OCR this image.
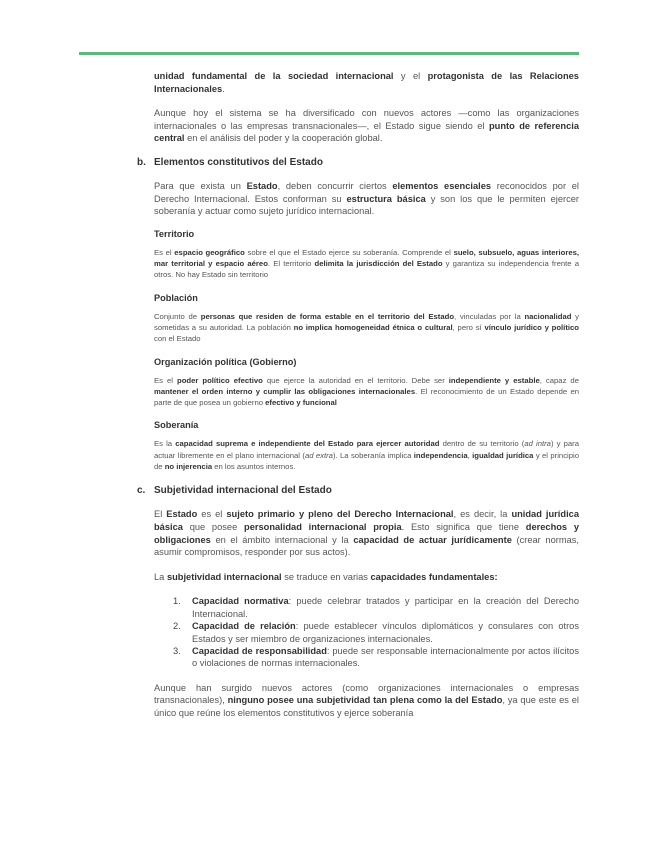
unidad fundamental de la sociedad internacional y el protagonista de las Relaciones Internacionales.

Aunque hoy el sistema se ha diversificado con nuevos actores —como las organizaciones internacionales o las empresas transnacionales—, el Estado sigue siendo el punto de referencia central en el análisis del poder y la cooperación global.

b. Elementos constitutivos del Estado

Para que exista un Estado, deben concurrir ciertos elementos esenciales reconocidos por el Derecho Internacional. Estos conforman su estructura básica y son los que le permiten ejercer soberanía y actuar como sujeto jurídico internacional.

Territorio

Es el espacio geográfico sobre el que el Estado ejerce su soberanía. Comprende el suelo, subsuelo, aguas interiores, mar territorial y espacio aéreo. El territorio delimita la jurisdicción del Estado y garantiza su independencia frente a otros. No hay Estado sin territorio

Población

Conjunto de personas que residen de forma estable en el territorio del Estado, vinculadas por la nacionalidad y sometidas a su autoridad. La población no implica homogeneidad étnica o cultural, pero sí vínculo jurídico y político con el Estado

Organización política (Gobierno)

Es el poder político efectivo que ejerce la autoridad en el territorio. Debe ser independiente y estable, capaz de mantener el orden interno y cumplir las obligaciones internacionales. El reconocimiento de un Estado depende en parte de que posea un gobierno efectivo y funcional

Soberanía

Es la capacidad suprema e independiente del Estado para ejercer autoridad dentro de su territorio (ad intra) y para actuar libremente en el plano internacional (ad extra). La soberanía implica independencia, igualdad jurídica y el principio de no injerencia en los asuntos internos.

c. Subjetividad internacional del Estado

El Estado es el sujeto primario y pleno del Derecho Internacional, es decir, la unidad jurídica básica que posee personalidad internacional propia. Esto significa que tiene derechos y obligaciones en el ámbito internacional y la capacidad de actuar jurídicamente (crear normas, asumir compromisos, responder por sus actos).

La subjetividad internacional se traduce en varias capacidades fundamentales:

1. Capacidad normativa: puede celebrar tratados y participar en la creación del Derecho Internacional.
2. Capacidad de relación: puede establecer vínculos diplomáticos y consulares con otros Estados y ser miembro de organizaciones internacionales.
3. Capacidad de responsabilidad: puede ser responsable internacionalmente por actos ilícitos o violaciones de normas internacionales.

Aunque han surgido nuevos actores (como organizaciones internacionales o empresas transnacionales), ninguno posee una subjetividad tan plena como la del Estado, ya que este es el único que reúne los elementos constitutivos y ejerce soberanía
